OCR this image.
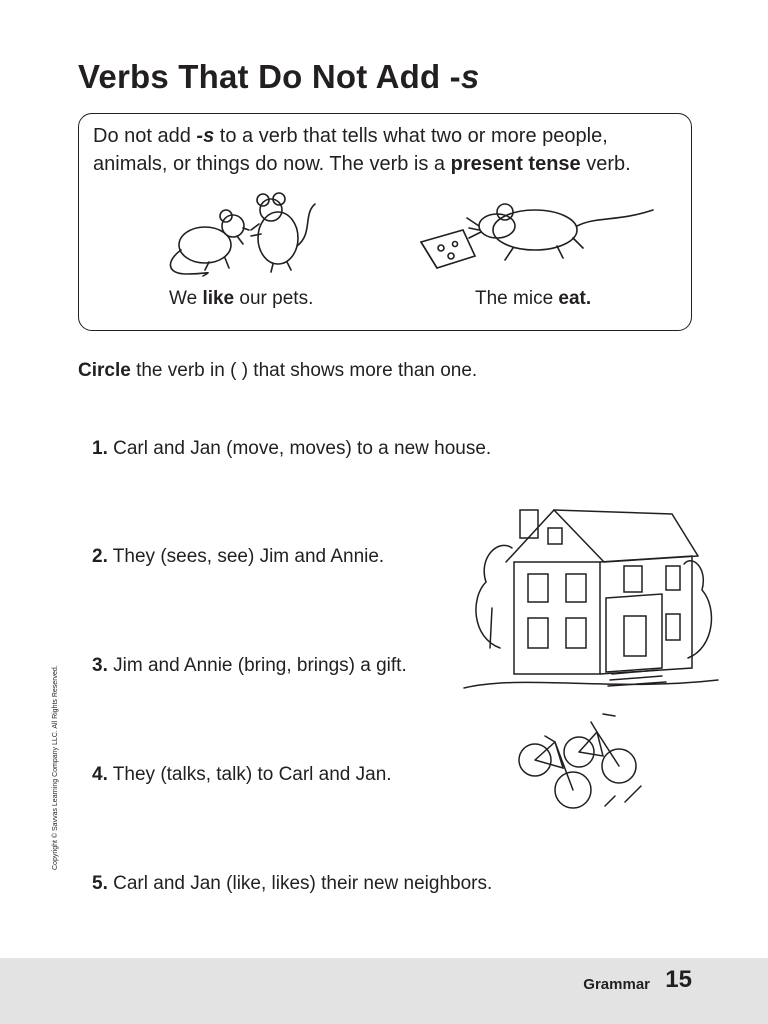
Verbs That Do Not Add -s

Do not add -s to a verb that tells what two or more people, animals, or things do now. The verb is a present tense verb.

We like our pets.	The mice eat.

Circle the verb in ( ) that shows more than one.

1. Carl and Jan (move, moves) to a new house.

2. They (sees, see) Jim and Annie.

3. Jim and Annie (bring, brings) a gift.

4. They (talks, talk) to Carl and Jan.

5. Carl and Jan (like, likes) their new neighbors.

Copyright © Savvas Learning Company LLC. All Rights Reserved.
Grammar 15
